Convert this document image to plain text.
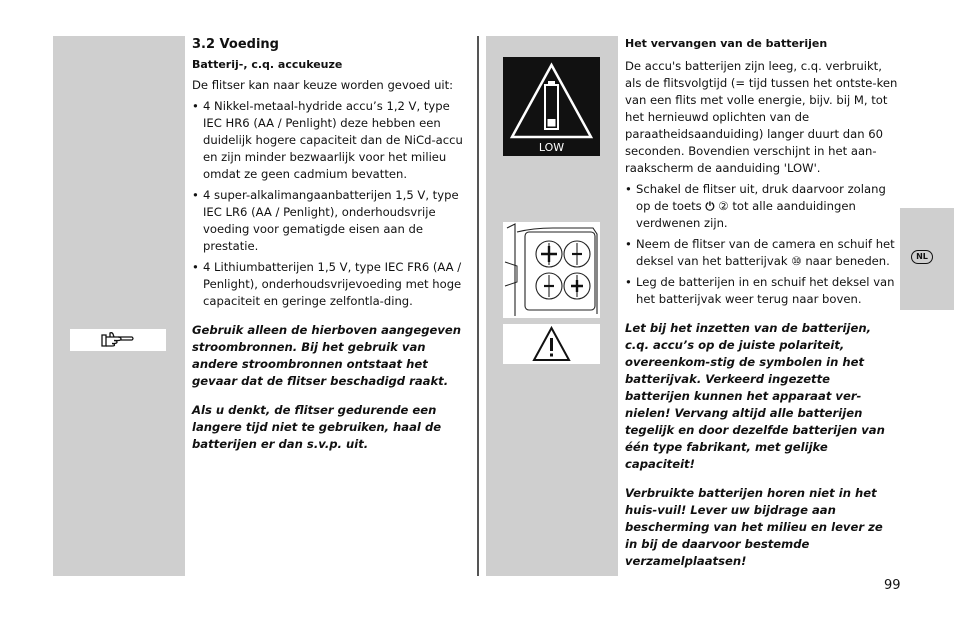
LOW

3.2 Voeding

Batterij-, c.q. accukeuze

De flitser kan naar keuze worden gevoed uit:

• 4 Nikkel-metaal-hydride accu’s 1,2 V, type IEC HR6 (AA / Penlight) deze hebben een duidelijk hogere capaciteit dan de NiCd-accu en zijn minder bezwaarlijk voor het milieu omdat ze geen cadmium bevatten.
• 4 super-alkalimangaanbatterijen 1,5 V, type IEC LR6 (AA / Penlight), onderhoudsvrije voeding voor gematigde eisen aan de prestatie.
• 4 Lithiumbatterijen 1,5 V, type IEC FR6 (AA / Penlight), onderhoudsvrijevoeding met hoge capaciteit en geringe zelfontla-ding.

Gebruik alleen de hierboven aangegeven stroombronnen. Bij het gebruik van andere stroombronnen ontstaat het gevaar dat de flitser beschadigd raakt.

Als u denkt, de flitser gedurende een langere tijd niet te gebruiken, haal de batterijen er dan s.v.p. uit.

Het vervangen van de batterijen

De accu's batterijen zijn leeg, c.q. verbruikt, als de flitsvolgtijd (= tijd tussen het ontste-ken van een flits met volle energie, bijv. bij M, tot het hernieuwd oplichten van de paraatheidsaanduiding) langer duurt dan 60 seconden. Bovendien verschijnt in het aan-raakscherm de aanduiding 'LOW'.

• Schakel de flitser uit, druk daarvoor zolang op de toets ⏻ ② tot alle aanduidingen verdwenen zijn.
• Neem de flitser van de camera en schuif het deksel van het batterijvak ⑩ naar beneden.
• Leg de batterijen in en schuif het deksel van het batterijvak weer terug naar boven.

Let bij het inzetten van de batterijen, c.q. accu’s op de juiste polariteit, overeenkom-stig de symbolen in het batterijvak. Verkeerd ingezette batterijen kunnen het apparaat ver-nielen! Vervang altijd alle batterijen tegelijk en door dezelfde batterijen van één type fabrikant, met gelijke capaciteit!

Verbruikte batterijen horen niet in het huis-vuil! Lever uw bijdrage aan bescherming van het milieu en lever ze in bij de daarvoor bestemde verzamelplaatsen!

NL
99
